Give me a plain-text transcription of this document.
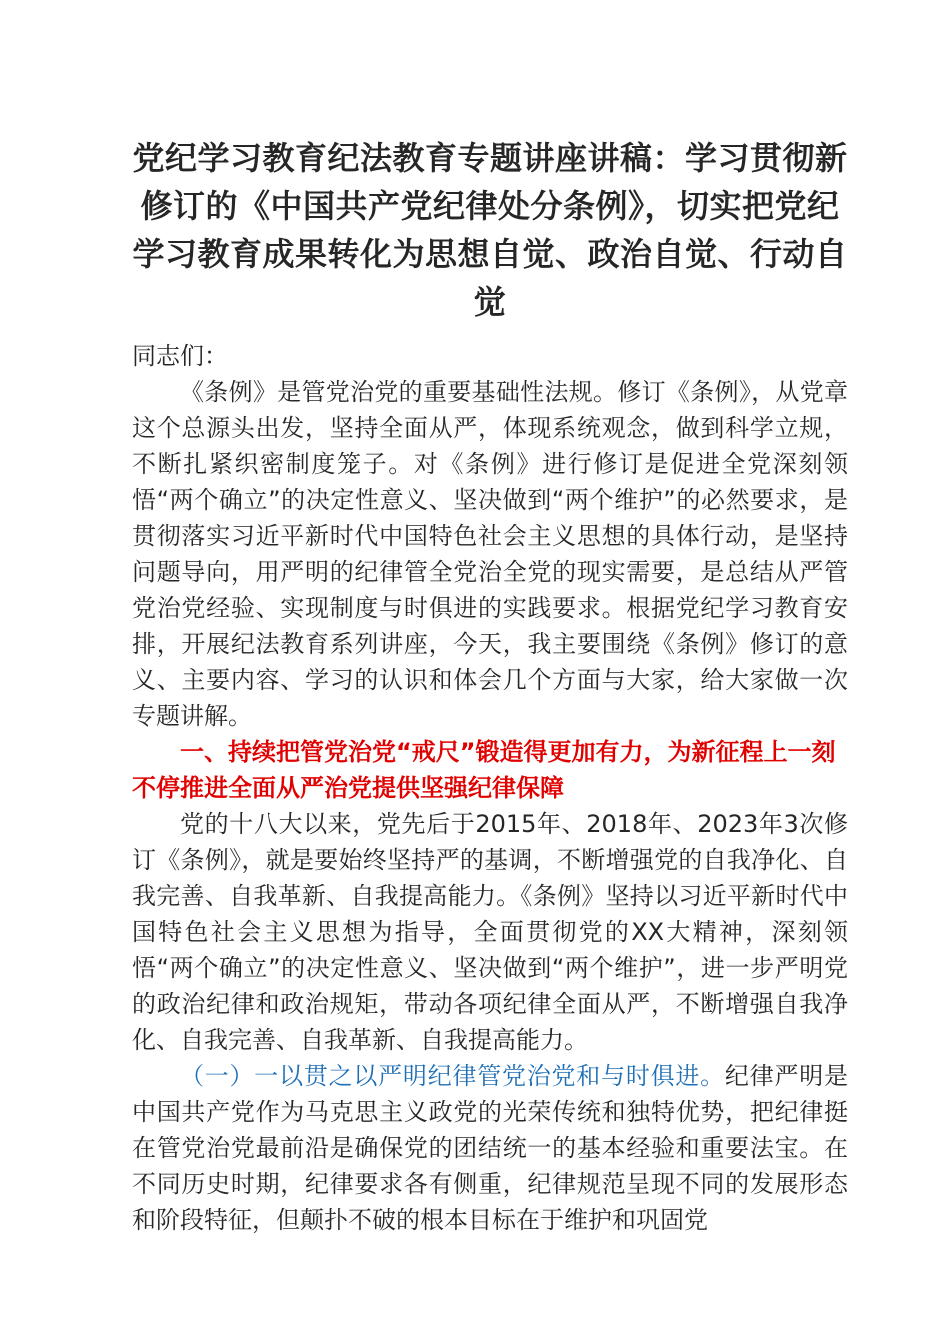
党纪学习教育纪法教育专题讲座讲稿：学习贯彻新修订的《中国共产党纪律处分条例》，切实把党纪学习教育成果转化为思想自觉、政治自觉、行动自觉

同志们：

《条例》是管党治党的重要基础性法规。修订《条例》，从党章这个总源头出发，坚持全面从严，体现系统观念，做到科学立规，不断扎紧织密制度笼子。对《条例》进行修订是促进全党深刻领悟“两个确立”的决定性意义、坚决做到“两个维护”的必然要求，是贯彻落实习近平新时代中国特色社会主义思想的具体行动，是坚持问题导向，用严明的纪律管全党治全党的现实需要，是总结从严管党治党经验、实现制度与时俱进的实践要求。根据党纪学习教育安排，开展纪法教育系列讲座，今天，我主要围绕《条例》修订的意义、主要内容、学习的认识和体会几个方面与大家，给大家做一次专题讲解。

一、持续把管党治党“戒尺”锻造得更加有力，为新征程上一刻不停推进全面从严治党提供坚强纪律保障

党的十八大以来，党先后于2015年、2018年、2023年3次修订《条例》，就是要始终坚持严的基调，不断增强党的自我净化、自我完善、自我革新、自我提高能力。《条例》坚持以习近平新时代中国特色社会主义思想为指导，全面贯彻党的XX大精神，深刻领悟“两个确立”的决定性意义、坚决做到“两个维护”，进一步严明党的政治纪律和政治规矩，带动各项纪律全面从严，不断增强自我净化、自我完善、自我革新、自我提高能力。

（一）一以贯之以严明纪律管党治党和与时俱进。纪律严明是中国共产党作为马克思主义政党的光荣传统和独特优势，把纪律挺在管党治党最前沿是确保党的团结统一的基本经验和重要法宝。在不同历史时期，纪律要求各有侧重，纪律规范呈现不同的发展形态和阶段特征，但颠扑不破的根本目标在于维护和巩固党
